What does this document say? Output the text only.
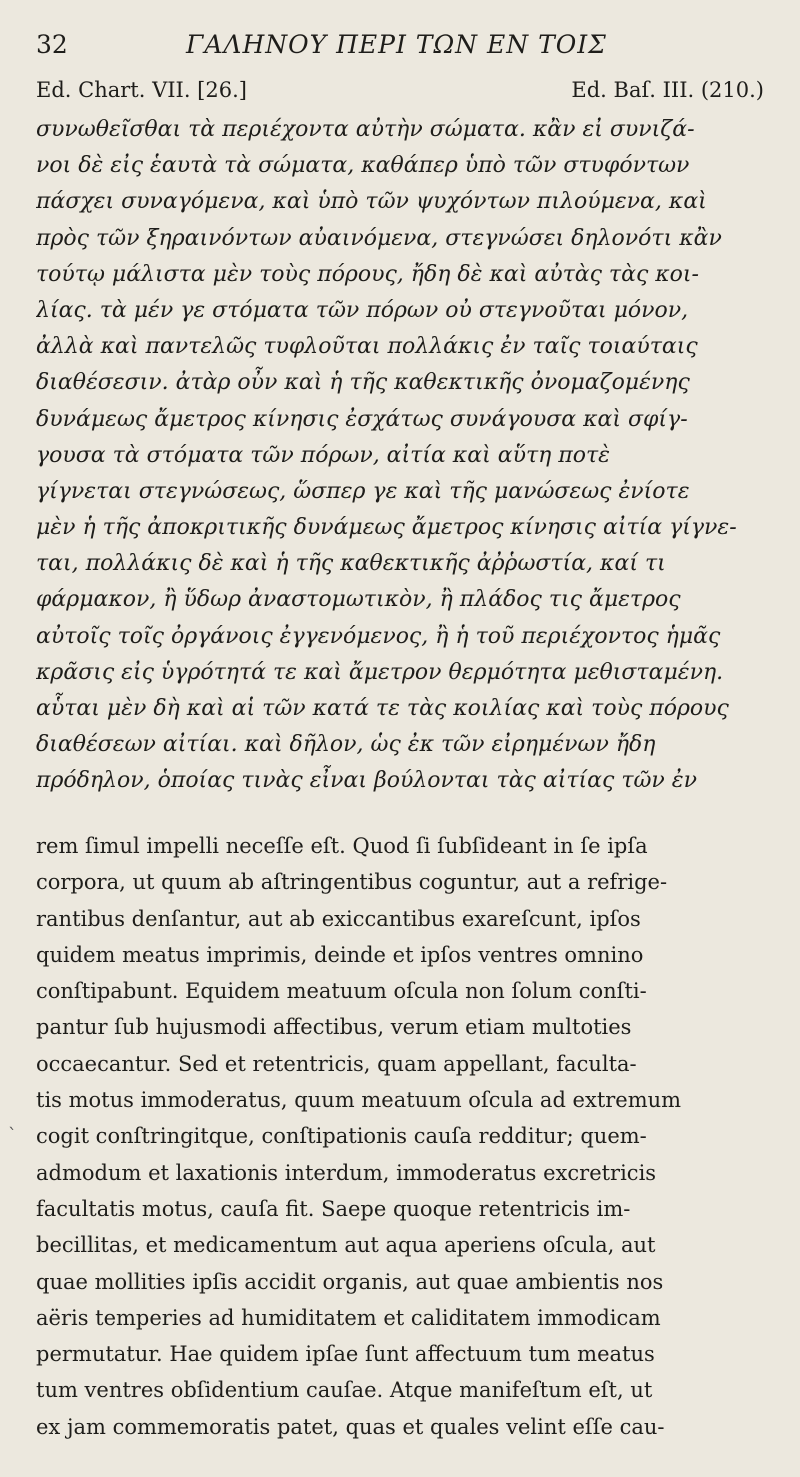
32	ΓΑΛΗΝΟΥ ΠΕΡΙ ΤΩΝ ΕΝ ΤΟΙΣ
Ed. Chart. VII. [26.]	Ed. Baſ. III. (210.)
συνωθεῖσθαι τὰ περιέχοντα αὐτὴν σώματα. κἂν εἰ συνιζά-
νοι δὲ εἰς ἑαυτὰ τὰ σώματα, καθάπερ ὑπὸ τῶν στυφόντων
πάσχει συναγόμενα, καὶ ὑπὸ τῶν ψυχόντων πιλούμενα, καὶ
πρὸς τῶν ξηραινόντων αὐαινόμενα, στεγνώσει δηλονότι κἂν
τούτῳ μάλιστα μὲν τοὺς πόρους, ἤδη δὲ καὶ αὐτὰς τὰς κοι-
λίας. τὰ μέν γε στόματα τῶν πόρων οὐ στεγνοῦται μόνον,
ἀλλὰ καὶ παντελῶς τυφλοῦται πολλάκις ἐν ταῖς τοιαύταις
διαθέσεσιν. ἀτὰρ οὖν καὶ ἡ τῆς καθεκτικῆς ὀνομαζομένης
δυνάμεως ἄμετρος κίνησις ἐσχάτως συνάγουσα καὶ σφίγ-
γουσα τὰ στόματα τῶν πόρων, αἰτία καὶ αὕτη ποτὲ
γίγνεται στεγνώσεως, ὥσπερ γε καὶ τῆς μανώσεως ἐνίοτε
μὲν ἡ τῆς ἀποκριτικῆς δυνάμεως ἄμετρος κίνησις αἰτία γίγνε-
ται, πολλάκις δὲ καὶ ἡ τῆς καθεκτικῆς ἀῤῥωστία, καί τι
φάρμακον, ἢ ὕδωρ ἀναστομωτικὸν, ἢ πλάδος τις ἄμετρος
αὐτοῖς τοῖς ὀργάνοις ἐγγενόμενος, ἢ ἡ τοῦ περιέχοντος ἡμᾶς
κρᾶσις εἰς ὑγρότητά τε καὶ ἄμετρον θερμότητα μεθισταμένη.
αὗται μὲν δὴ καὶ αἱ τῶν κατά τε τὰς κοιλίας καὶ τοὺς πόρους
διαθέσεων αἰτίαι. καὶ δῆλον, ὡς ἐκ τῶν εἰρημένων ἤδη
πρόδηλον, ὁποίας τινὰς εἶναι βούλονται τὰς αἰτίας τῶν ἐν
rem ſimul impelli neceſſe eſt. Quod ſi ſubſideant in ſe ipſa
corpora, ut quum ab aſtringentibus coguntur, aut a refrige-
rantibus denſantur, aut ab exiccantibus exareſcunt, ipſos
quidem meatus imprimis, deinde et ipſos ventres omnino
conſtipabunt. Equidem meatuum oſcula non ſolum conſti-
pantur ſub hujusmodi affectibus, verum etiam multoties
occaecantur. Sed et retentricis, quam appellant, faculta-
tis motus immoderatus, quum meatuum oſcula ad extremum
cogit conſtringitque, conſtipationis cauſa redditur; quem-
admodum et laxationis interdum, immoderatus excretricis
facultatis motus, cauſa fit. Saepe quoque retentricis im-
becillitas, et medicamentum aut aqua aperiens oſcula, aut
quae mollities ipſis accidit organis, aut quae ambientis nos
aëris temperies ad humiditatem et caliditatem immodicam
permutatur. Hae quidem ipſae ſunt affectuum tum meatus
tum ventres obſidentium cauſae. Atque manifeſtum eſt, ut
ex jam commemoratis patet, quas et quales velint eſſe cau-
`
